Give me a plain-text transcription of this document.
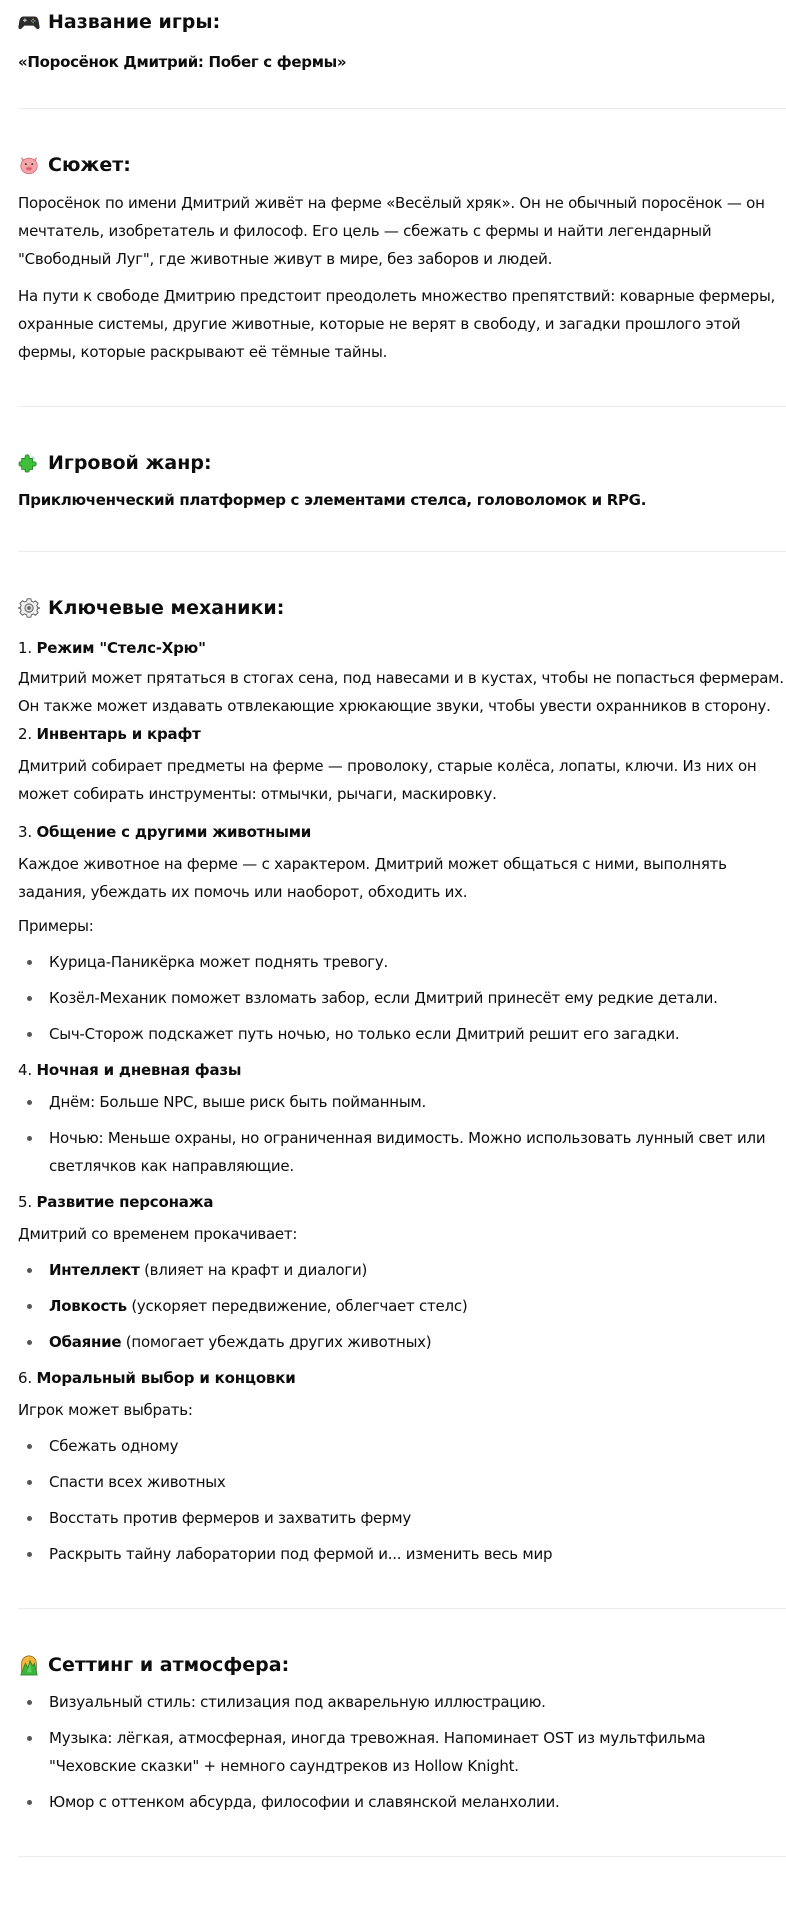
Название игры:

«Поросёнок Дмитрий: Побег с фермы»

Сюжет:

Поросёнок по имени Дмитрий живёт на ферме «Весёлый хряк». Он не обычный поросёнок — он мечтатель, изобретатель и философ. Его цель — сбежать с фермы и найти легендарный "Свободный Луг", где животные живут в мире, без заборов и людей.

На пути к свободе Дмитрию предстоит преодолеть множество препятствий: коварные фермеры, охранные системы, другие животные, которые не верят в свободу, и загадки прошлого этой фермы, которые раскрывают её тёмные тайны.

Игровой жанр:

Приключенческий платформер с элементами стелса, головоломок и RPG.

Ключевые механики:
1. Режим "Стелс-Хрю"

Дмитрий может прятаться в стогах сена, под навесами и в кустах, чтобы не попасться фермерам. Он также может издавать отвлекающие хрюкающие звуки, чтобы увести охранников в сторону.

2. Инвентарь и крафт

Дмитрий собирает предметы на ферме — проволоку, старые колёса, лопаты, ключи. Из них он может собирать инструменты: отмычки, рычаги, маскировку.

3. Общение с другими животными

Каждое животное на ферме — с характером. Дмитрий может общаться с ними, выполнять задания, убеждать их помочь или наоборот, обходить их.

Примеры:

Курица-Паникёрка может поднять тревогу.
Козёл-Механик поможет взломать забор, если Дмитрий принесёт ему редкие детали.
Сыч-Сторож подскажет путь ночью, но только если Дмитрий решит его загадки.
4. Ночная и дневная фазы
Днём: Больше NPC, выше риск быть пойманным.
Ночью: Меньше охраны, но ограниченная видимость. Можно использовать лунный свет или светлячков как направляющие.
5. Развитие персонажа

Дмитрий со временем прокачивает:

Интеллект (влияет на крафт и диалоги)
Ловкость (ускоряет передвижение, облегчает стелс)
Обаяние (помогает убеждать других животных)
6. Моральный выбор и концовки

Игрок может выбрать:

Сбежать одному
Спасти всех животных
Восстать против фермеров и захватить ферму
Раскрыть тайну лаборатории под фермой и... изменить весь мир
Сеттинг и атмосфера:
Визуальный стиль: стилизация под акварельную иллюстрацию.
Музыка: лёгкая, атмосферная, иногда тревожная. Напоминает OST из мультфильма "Чеховские сказки" + немного саундтреков из Hollow Knight.
Юмор с оттенком абсурда, философии и славянской меланхолии.
